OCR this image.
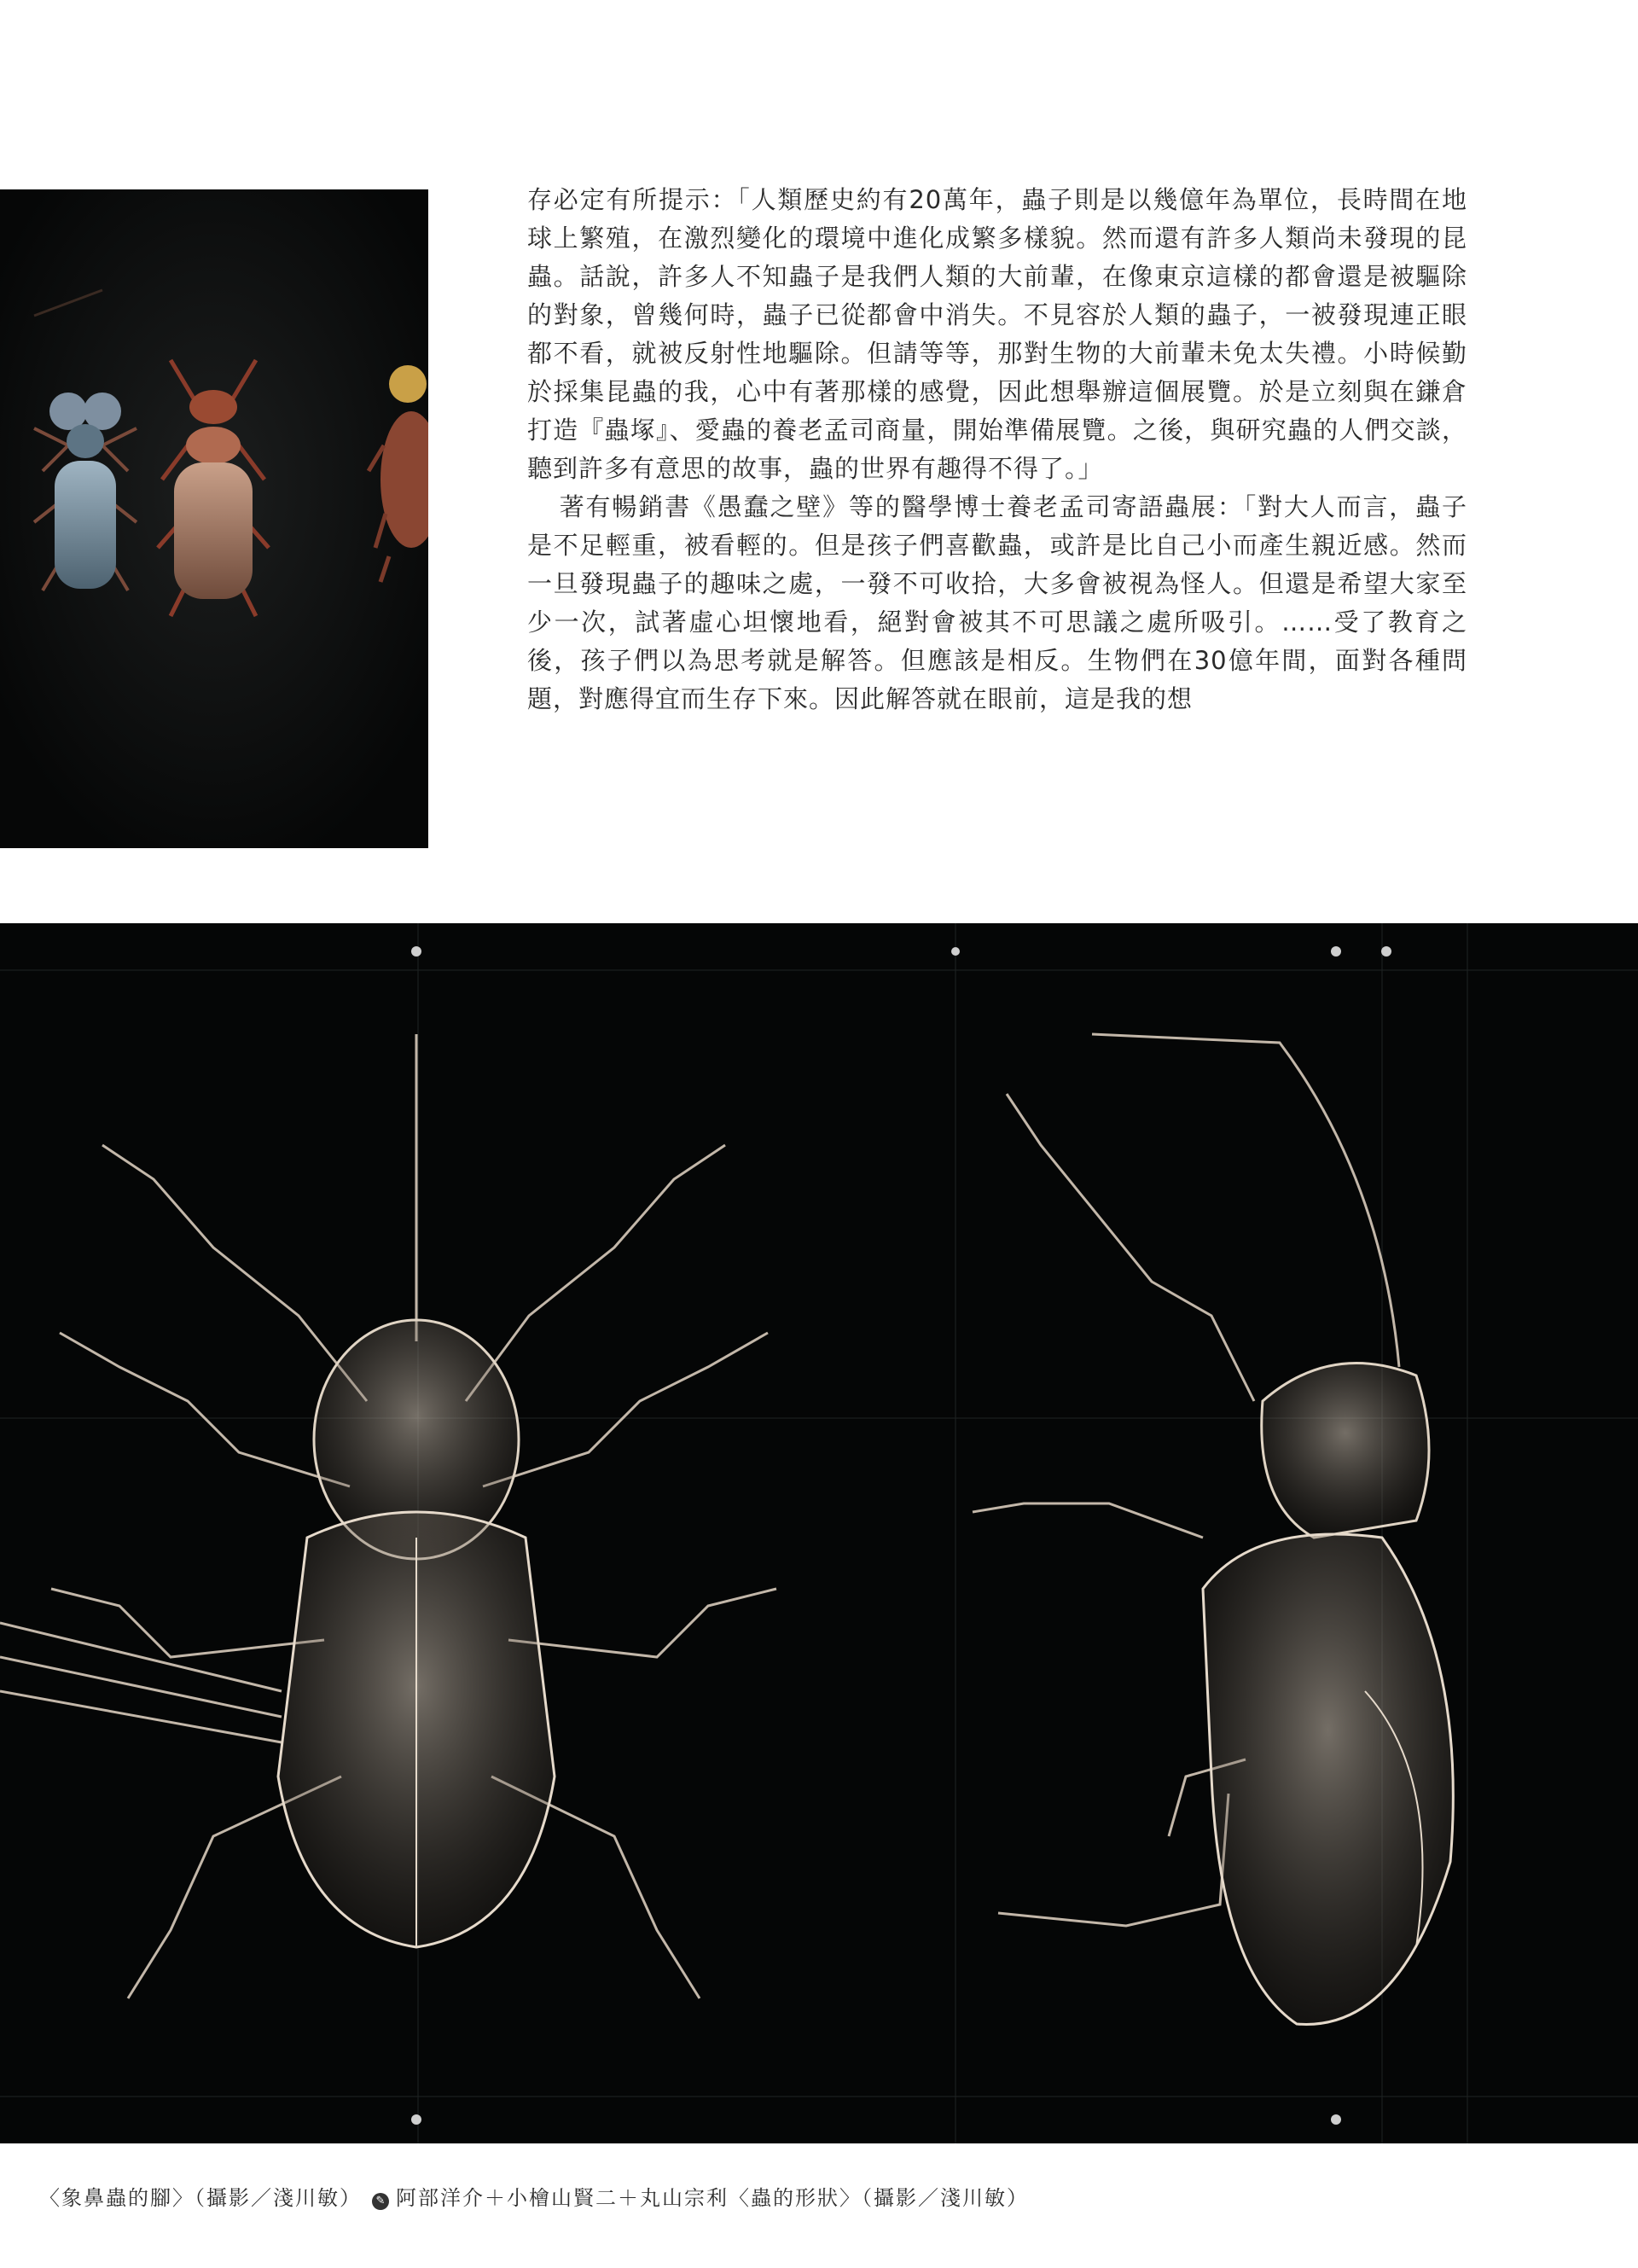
存必定有所提示：「人類歷史約有20萬年，蟲子則是以幾億年為單位，長時間在地球上繁殖，在激烈變化的環境中進化成繁多樣貌。然而還有許多人類尚未發現的昆蟲。話說，許多人不知蟲子是我們人類的大前輩，在像東京這樣的都會還是被驅除的對象，曾幾何時，蟲子已從都會中消失。不見容於人類的蟲子，一被發現連正眼都不看，就被反射性地驅除。但請等等，那對生物的大前輩未免太失禮。小時候勤於採集昆蟲的我，心中有著那樣的感覺，因此想舉辦這個展覽。於是立刻與在鎌倉打造『蟲塚』、愛蟲的養老孟司商量，開始準備展覽。之後，與研究蟲的人們交談，聽到許多有意思的故事，蟲的世界有趣得不得了。」

著有暢銷書《愚蠢之壁》等的醫學博士養老孟司寄語蟲展：「對大人而言，蟲子是不足輕重，被看輕的。但是孩子們喜歡蟲，或許是比自己小而產生親近感。然而一旦發現蟲子的趣味之處，一發不可收拾，大多會被視為怪人。但還是希望大家至少一次，試著虛心坦懷地看，絕對會被其不可思議之處所吸引。……受了教育之後，孩子們以為思考就是解答。但應該是相反。生物們在30億年間，面對各種問題，對應得宜而生存下來。因此解答就在眼前，這是我的想

〈象鼻蟲的腳〉（攝影／淺川敏） ✎ 阿部洋介＋小檜山賢二＋丸山宗利〈蟲的形狀〉（攝影／淺川敏）
